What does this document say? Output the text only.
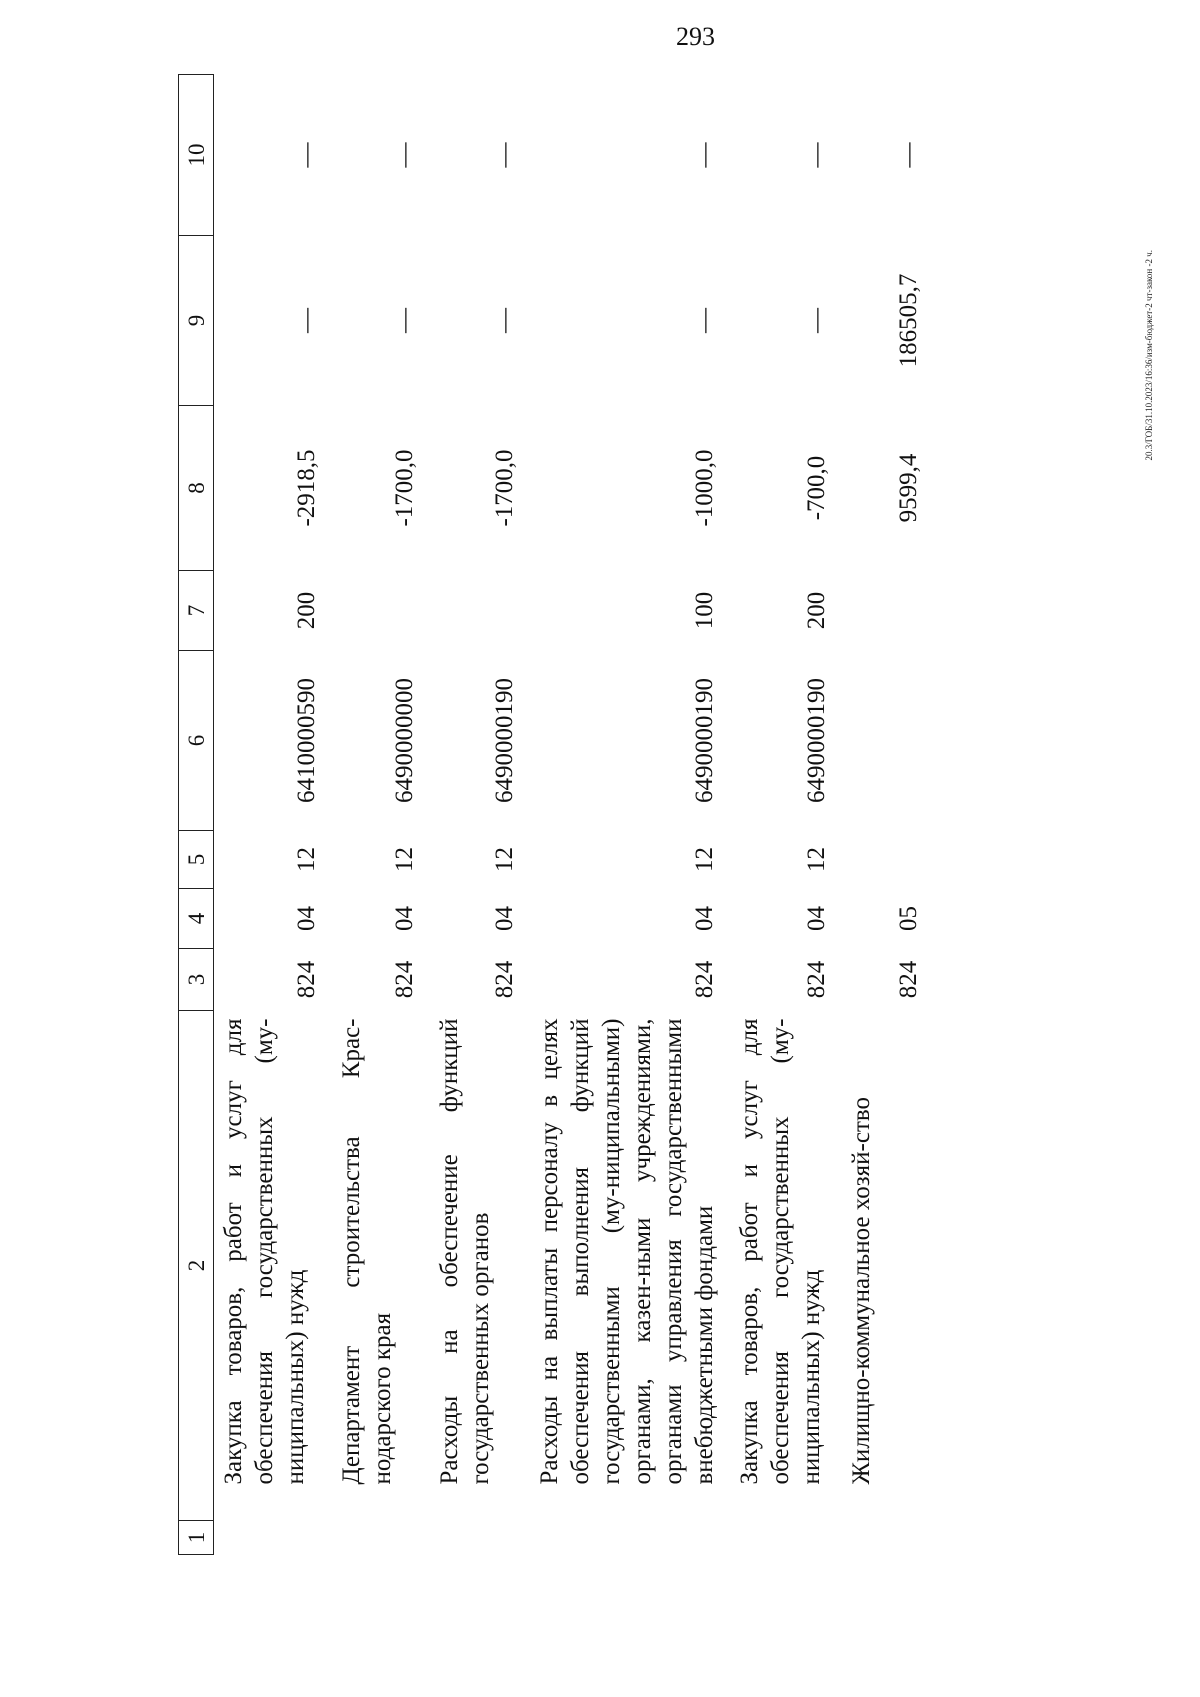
293
20.3/ГОБ/31.10.2023/16:36/изм-бюджет-2 чт-закон -2 ч.
1	2	3	4	5	6	7	8	9	10
	Закупка товаров, работ и услуг для обеспечения государственных (му-ниципальных) нужд	824	04	12	6410000590	200	-2918,5	—	—
	Департамент строительства Крас-нодарского края	824	04	12	6490000000		-1700,0	—	—
	Расходы на обеспечение функций государственных органов	824	04	12	6490000190		-1700,0	—	—
	Расходы на выплаты персоналу в целях обеспечения выполнения функций государственными (му-ниципальными) органами, казен-ными учреждениями, органами управления государственными внебюджетными фондами	824	04	12	6490000190	100	-1000,0	—	—
	Закупка товаров, работ и услуг для обеспечения государственных (му-ниципальных) нужд	824	04	12	6490000190	200	-700,0	—	—
	Жилищно-коммунальное хозяй-ство	824	05				9599,4	186505,7	—
